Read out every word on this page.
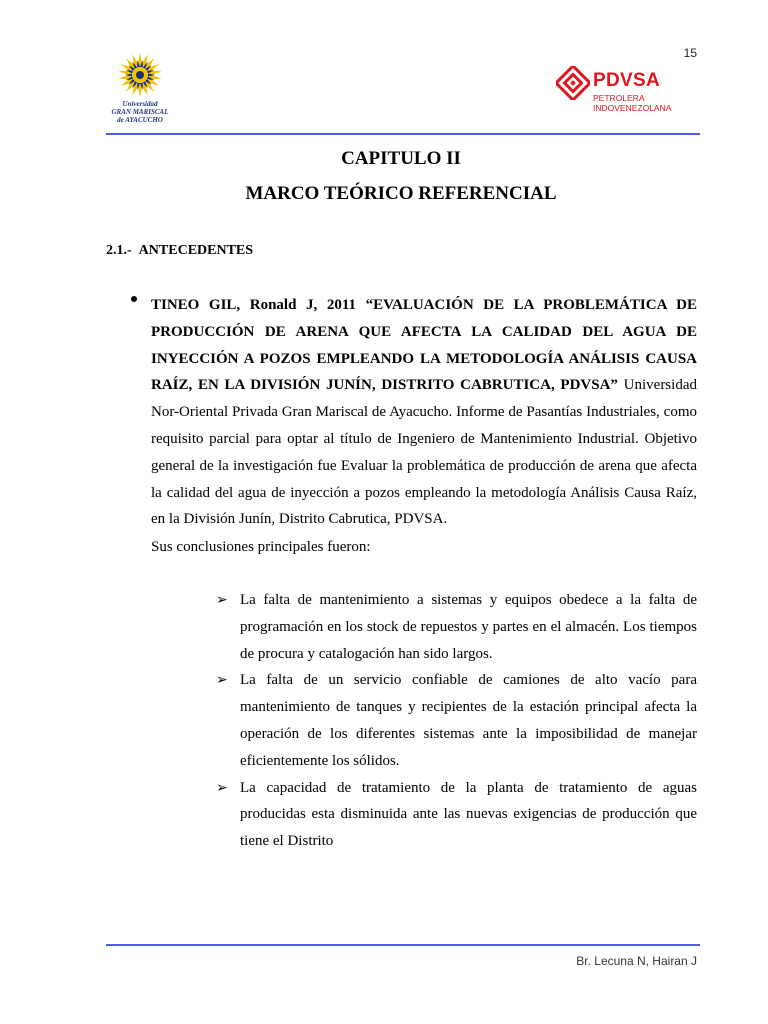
15
Universidad
GRAN MARISCAL
de AYACUCHO
PDVSA
PETROLERA
INDOVENEZOLANA
CAPITULO II
MARCO TEÓRICO REFERENCIAL
2.1.- ANTECEDENTES
TINEO GIL, Ronald J, 2011 “EVALUACIÓN DE LA PROBLEMÁTICA DE PRODUCCIÓN DE ARENA QUE AFECTA LA CALIDAD DEL AGUA DE INYECCIÓN A POZOS EMPLEANDO LA METODOLOGÍA ANÁLISIS CAUSA RAÍZ, EN LA DIVISIÓN JUNÍN, DISTRITO CABRUTICA, PDVSA” Universidad Nor-Oriental Privada Gran Mariscal de Ayacucho. Informe de Pasantías Industriales, como requisito parcial para optar al título de Ingeniero de Mantenimiento Industrial. Objetivo general de la investigación fue Evaluar la problemática de producción de arena que afecta la calidad del agua de inyección a pozos empleando la metodología Análisis Causa Raíz, en la División Junín, Distrito Cabrutica, PDVSA.
Sus conclusiones principales fueron:
➢ La falta de mantenimiento a sistemas y equipos obedece a la falta de programación en los stock de repuestos y partes en el almacén. Los tiempos de procura y catalogación han sido largos.
➢ La falta de un servicio confiable de camiones de alto vacío para mantenimiento de tanques y recipientes de la estación principal afecta la operación de los diferentes sistemas ante la imposibilidad de manejar eficientemente los sólidos.
➢ La capacidad de tratamiento de la planta de tratamiento de aguas producidas esta disminuida ante las nuevas exigencias de producción que tiene el Distrito
Br. Lecuna N, Hairan J
